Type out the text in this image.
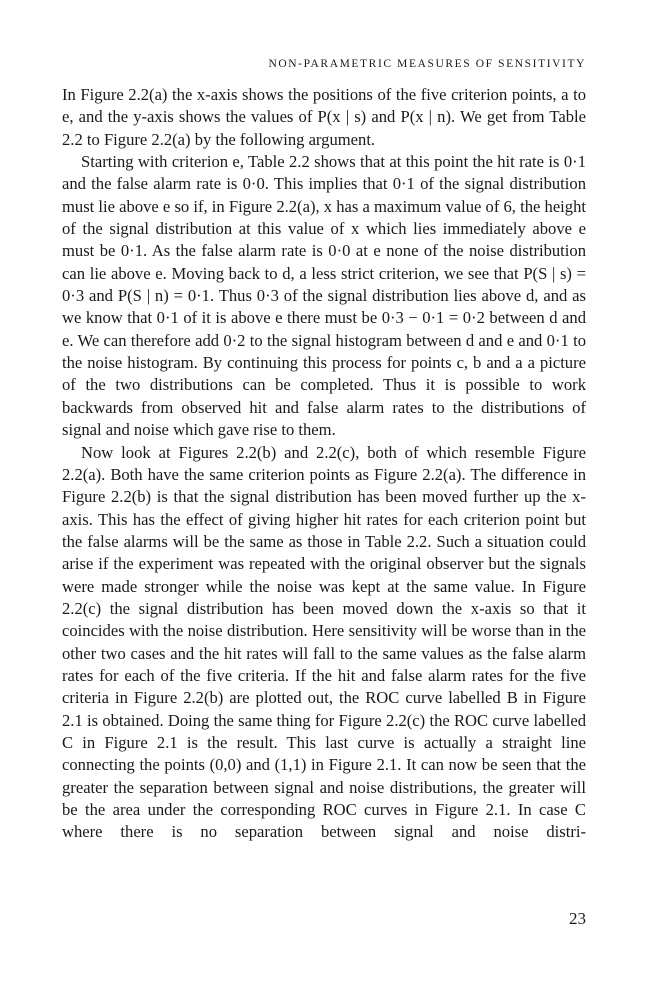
NON-PARAMETRIC MEASURES OF SENSITIVITY

In Figure 2.2(a) the x-axis shows the positions of the five criterion points, a to e, and the y-axis shows the values of P(x | s) and P(x | n). We get from Table 2.2 to Figure 2.2(a) by the following argument.

Starting with criterion e, Table 2.2 shows that at this point the hit rate is 0·1 and the false alarm rate is 0·0. This implies that 0·1 of the signal distribution must lie above e so if, in Figure 2.2(a), x has a maximum value of 6, the height of the signal distribution at this value of x which lies immediately above e must be 0·1. As the false alarm rate is 0·0 at e none of the noise distribution can lie above e. Moving back to d, a less strict criterion, we see that P(S | s) = 0·3 and P(S | n) = 0·1. Thus 0·3 of the signal distribution lies above d, and as we know that 0·1 of it is above e there must be 0·3 − 0·1 = 0·2 between d and e. We can therefore add 0·2 to the signal histogram between d and e and 0·1 to the noise histogram. By continuing this process for points c, b and a a picture of the two distributions can be completed. Thus it is possible to work backwards from observed hit and false alarm rates to the distributions of signal and noise which gave rise to them.

Now look at Figures 2.2(b) and 2.2(c), both of which resemble Figure 2.2(a). Both have the same criterion points as Figure 2.2(a). The difference in Figure 2.2(b) is that the signal distribution has been moved further up the x-axis. This has the effect of giving higher hit rates for each criterion point but the false alarms will be the same as those in Table 2.2. Such a situation could arise if the experiment was repeated with the original observer but the signals were made stronger while the noise was kept at the same value. In Figure 2.2(c) the signal distribution has been moved down the x-axis so that it coincides with the noise distribution. Here sensitivity will be worse than in the other two cases and the hit rates will fall to the same values as the false alarm rates for each of the five criteria. If the hit and false alarm rates for the five criteria in Figure 2.2(b) are plotted out, the ROC curve labelled B in Figure 2.1 is obtained. Doing the same thing for Figure 2.2(c) the ROC curve labelled C in Figure 2.1 is the result. This last curve is actually a straight line connecting the points (0,0) and (1,1) in Figure 2.1. It can now be seen that the greater the separation between signal and noise distributions, the greater will be the area under the corresponding ROC curves in Figure 2.1. In case C where there is no separation between signal and noise distri-

23
